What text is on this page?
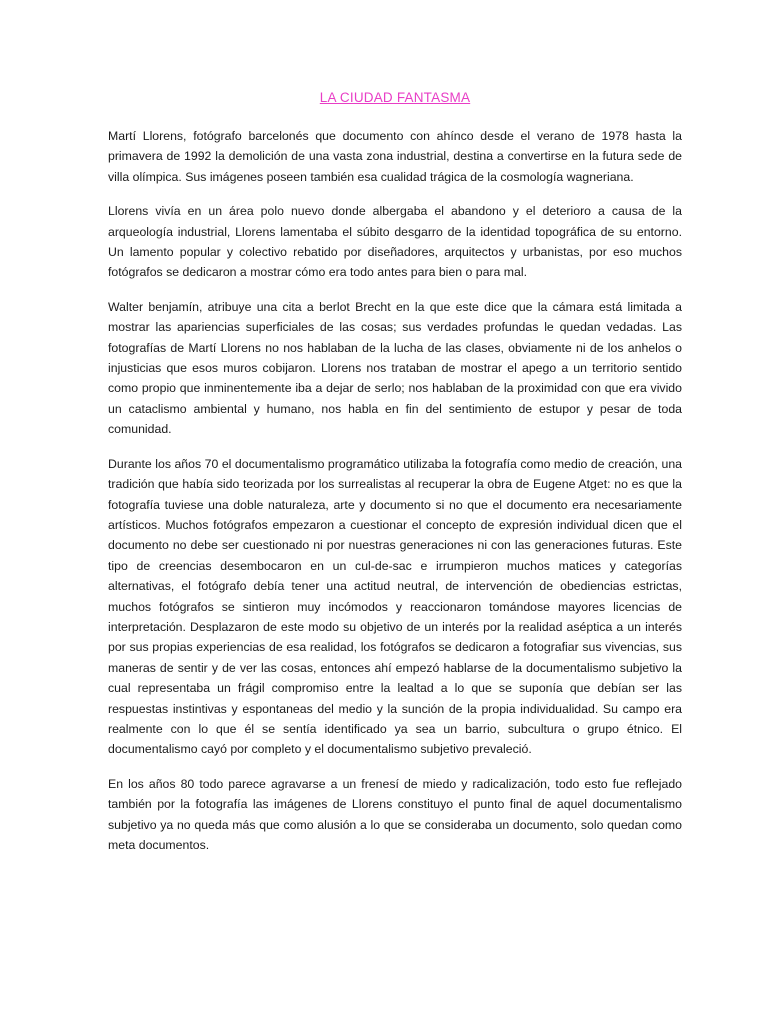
LA CIUDAD FANTASMA

Martí Llorens, fotógrafo barcelonés que documento con ahínco desde el verano de 1978 hasta la primavera de 1992 la demolición de una vasta zona industrial, destina a convertirse en la futura sede de villa olímpica. Sus imágenes poseen también esa cualidad trágica de la cosmología wagneriana.

Llorens vivía en un área polo nuevo donde albergaba el abandono y el deterioro a causa de la arqueología industrial, Llorens lamentaba el súbito desgarro de la identidad topográfica de su entorno. Un lamento popular y colectivo rebatido por diseñadores, arquitectos y urbanistas, por eso muchos fotógrafos se dedicaron a mostrar cómo era todo antes para bien o para mal.

Walter benjamín, atribuye una cita a berlot Brecht en la que este dice que la cámara está limitada a mostrar las apariencias superficiales de las cosas; sus verdades profundas le quedan vedadas. Las fotografías de Martí Llorens no nos hablaban de la lucha de las clases, obviamente ni de los anhelos o injusticias que esos muros cobijaron. Llorens nos trataban de mostrar el apego a un territorio sentido como propio que inminentemente iba a dejar de serlo; nos hablaban de la proximidad con que era vivido un cataclismo ambiental y humano, nos habla en fin del sentimiento de estupor y pesar de toda comunidad.

Durante los años 70 el documentalismo programático utilizaba la fotografía como medio de creación, una tradición que había sido teorizada por los surrealistas al recuperar la obra de Eugene Atget: no es que la fotografía tuviese una doble naturaleza, arte y documento si no que el documento era necesariamente artísticos. Muchos fotógrafos empezaron a cuestionar el concepto de expresión individual dicen que el documento no debe ser cuestionado ni por nuestras generaciones ni con las generaciones futuras. Este tipo de creencias desembocaron en un cul-de-sac e irrumpieron muchos matices y categorías alternativas, el fotógrafo debía tener una actitud neutral, de intervención de obediencias estrictas, muchos fotógrafos se sintieron muy incómodos y reaccionaron tomándose mayores licencias de interpretación. Desplazaron de este modo su objetivo de un interés por la realidad aséptica a un interés por sus propias experiencias de esa realidad, los fotógrafos se dedicaron a fotografiar sus vivencias, sus maneras de sentir y de ver las cosas, entonces ahí empezó hablarse de la documentalismo subjetivo la cual representaba un frágil compromiso entre la lealtad a lo que se suponía que debían ser las respuestas instintivas y espontaneas del medio y la sunción de la propia individualidad. Su campo era realmente con lo que él se sentía identificado ya sea un barrio, subcultura o grupo étnico. El documentalismo cayó por completo y el documentalismo subjetivo prevaleció.

En los años 80 todo parece agravarse a un frenesí de miedo y radicalización, todo esto fue reflejado también por la fotografía las imágenes de Llorens constituyo el punto final de aquel documentalismo subjetivo ya no queda más que como alusión a lo que se consideraba un documento, solo quedan como meta documentos.
